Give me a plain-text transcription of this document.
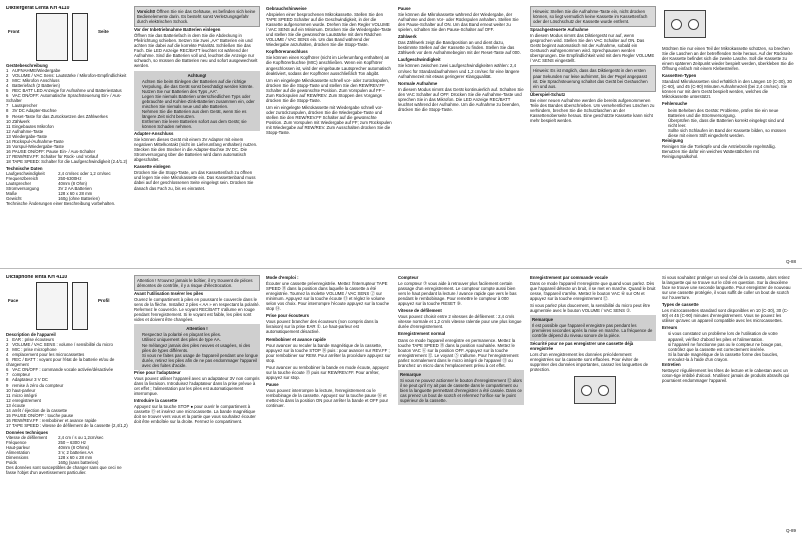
Diktiergerät Lenta KH 4110
Front	Seite
Gerätebeschreibung
1 AUFNAHME/Wiedergabe
2 VOLUME / VAC Sens: Lautstärke / Mikrofon-Empfindlichkeit
3 MIC: Mikrofon Anschluss
4 Batteriefach (2 Batterien)
5 REC BATT LED Anzeige für Aufnahme und Batteriestatus
6 VAC ON/OFF: Automatische Sprachsteuerung Ein- / Aus-Schalter
7 Lautsprecher
8 3V DC Adapter-Buchse
9 Reset-Taste für das Zurücksetzen des Zählwerkes
10 Zählwerk
11 Eingebautes Mikrofon
12 Aufnahme-Taste
13 Wiedergabe-Taste
14 Rückspul-/Aufnahme-Taste
15 Vorspul-/Wiedergabe-Taste
16 PAUSE ON/OFF: Pause Ein- / Aus-Schalter
17 REW/REV.FF: Schalter für Rück- und Vorlauf
18 TAPE SPEED: Schalter für die Laufgeschwindigkeit (2.4/1.2)
Technische Daten
Laufgeschwindigkeit	2,4 cm/sec oder 1,2 cm/sec
Frequenzbereich	250-6300Hz
Lautsprecher	40mm (8 Ohm)
Stromversorgung	3V 2 AA Batterien
Maße	128 x 60 x 28 mm
Gewicht	160g (ohne Batterien)

Technische Änderungen einer Beschreibung vorbehalten.

Vorsicht! Öffnen Sie nie das Gehäuse, es befinden sich keine Bedienelemente darin. Es besteht sonst Verletzungsgefahr durch elektrischen Schock.

Vor der Inbetriebnahme Batterien einlegen

Öffnen Sie das Batteriefach in dem Sie die Abdeckung in Pfeilrichtung schieben. Setzen Sie zwei „AA“ Batterien ein und achten Sie dabei auf die korrekte Polarität. Schließen Sie das Fach. Die LED Anzeige REC/BATT leuchtet rot während der Aufnahme. Sind die Batterien voll und, leuchtet die Anzeige nur schwach, so müssen die Batterien neu und sofort ausgewechselt werden.

Achtung!
• Achten Sie beim Einlegen der Batterien auf die richtige Verpolung, die das Gerät sonst beschädigt werden könnte.
• Nutzen Sie nur Batterien des Typs „AA“.
• Legen Sie niemals Batterien unterschiedlichen Typs oder gebrauchte und Kohlen-Zink-Batterien zusammen ein, oder mischen Sie niemals neue und alte Batterien.
• Nehmen Sie die Batterien aus dem Gerät, wenn Sie es längere Zeit nicht benutzen.
• Entfernen Sie leere Batterien sofort aus dem Gerät; sie können Schaden nehmen.

Adapter-Anschluss

Sie können dieses Gerät mit einem 3V Adapter mit einem negativen Mittelkontakt (nicht im Lieferumfang enthalten) nutzen. Stecken Sie den Stecker in die Adapter-Buchse 3V DC. Die Stromversorgung über die Batterien wird dann automatisch abgeschaltet.

Kassette einlegen

Drücken Sie die Stopp-Taste, um das Kassettenfach zu öffnen und legen Sie eine Mikrokassette ein. Das Kassettenband muss dabei auf der geschlossenen Seite eingelegt sein. Drücken Sie danach das Fach zu, bis es einrastet.

Gebrauchshinweise

Abspielen einer besprochenen Mikrokassette. Stellen Sie den TAPE SPEED Schalter auf die Geschwindigkeit, in der die Kassette aufgenommen wurde. Drehen Sie den Regler VOLUME / VAC SENS auf ein Minimum. Drücken Sie die Wiedergabe-Taste und stellen Sie die gewünschte Lautstärke mit dem Rädchen VOLUME / VAC SENS ein. Um das Band während der Wiedergabe anzuhalten, drücken Sie die Stopp-Taste.

Kopfhöreranschluss

Sie können einen Kopfhörer (nicht im Lieferumfang enthalten) an die Kopfhörerbuchse (MIC) anschließen. Wenn ein Kopfhörer angeschlossen ist, wird der eingebaute Lautsprecher automatisch deaktiviert, sodass der Kopfhörer ausschließlich Ton abgibt.

Um ein eingelegte Mikrokassette schnell vor- oder zurückspulen, drücken Sie die Stopp-Taste und stellen Sie den REW/REV.FF Schalter auf die gewünschte Position. Zum Vorspulen auf FF – Zum Rückspulen auf REW/REV. Zum Stoppen des Vorgangs drücken Sie die Stopp-Taste.

Um ein eingelegte Mikrokassette mit Wiedergabe schnell vor- oder zurückzuspulen, drücken Sie die Wiedergabe-Taste und stellen Sie den REW/REV.FF Schalter auf die gewünschte Position. Zum Vorspulen mit Wiedergabe auf FF; zum Rückspulen mit Wiedergabe auf REW/REV. Zum Ausschalten drücken Sie die Stopp-Taste.

Pause

Sie können die Mikrokassette während der Wiedergabe, der Aufnahme und dem Vor- oder Rückspulen anhalten. Stellen Sie den Pause-Schalter auf ON. Um das Band erneut weiter zu spielen, schalten Sie den Pause-Schalter auf OFF.

Zählwerk

Das Zählwerk zeigt die Bandposition an und dient dazu, bestimmte Stellen auf der Kassette zu finden. Stellen Sie das Zählwerk vor dem Aufnahmebeginn mit der Reset-Taste auf 000.

Laufgeschwindigkeit

Sie können zwischen zwei Laufgeschwindigkeiten wählen: 2,4 cm/sec für Standardaufnahmen und 1,2 cm/sec für eine längere Aufnahmezeit mit etwas geringerer Klangqualität.

Normale Aufnahme

In diesem Modus nimmt das Gerät kontinuierlich auf. Schalten Sie den VAC Schalter auf OFF. Drücken Sie die Aufnahme-Taste und sprechen Sie in das Mikrofon. Die LED Anzeige REC/BATT leuchtet während der Aufnahme. Um die Aufnahme zu beenden, drücken Sie die Stopp-Taste.

Hinweis: Stellen Sie die Aufnahme-Taste ein, nicht drücken können, so liegt vermutlich keine Kassette im Kassettenfach oder der Löschschutz der Kassette wurde entfernt.

Sprachgesteuerte Aufnahme

In diesem Modus nimmt das Diktiergerät nur auf, wenn gesprochen wird. Stellen Sie den VAC Schalter auf ON. Das Gerät beginnt automatisch mit der Aufnahme, sobald ein Geräusch wahrgenommen wird. Sprechpausen werden übersprungen. Die Empfindlichkeit wird mit dem Regler VOLUME / VAC SENS eingestellt.

Hinweis: Es ist möglich, dass das Diktiergerät in den ersten paar Sekunden nur leise aufnimmt, bis der Pegel angepasst ist. Die Sprachsteuerung schaltet das Gerät bei Geräuschen ein und aus.

Überspiel-Schutz

Bei einer neuen Aufnahme werden die bereits aufgenommenen Teile des Bandes überschrieben. Um versehentliches Löschen zu verhindern, brechen Sie die Schutzlaschen an der Kassettenoberseite heraus. Eine geschützte Kassette kann nicht mehr bespielt werden.

Möchten Sie nur einen Teil der Mikrokassette schützen, so brechen Sie die Laschen an der betreffenden Seite heraus. Auf der Rückseite der Kassette befindet sich die zweite Lasche. Soll die Kassette zu einem späteren Zeitpunkt wieder bespielt werden, überkleben Sie die Öffnung einfach mit einem Klebestreifen.

Kassetten-Typen

Standard Mikrokassetten sind erhältlich in den Längen 10 (C-30), 30 (C-60), und 45 (C-90) Minuten Aufnahmezeit (bei 2,4 cm/sec). Sie können nur mit dem Gerät bespielt werden, welches die Mikrokassette unterstützt.

Fehlersuche

• beim Beheben des Geräts: Probleme, prüfen Sie ein neue Batterien und die Stromversorgung.
• Überprüfen Sie, dass die Batterien korrekt eingelegt sind und nicht leer.
• Sollte sich Schlaufen im Band der Kassette bilden, so müssen diese mit einem Stift eingedreht werden.

Reinigung

Reinigen Sie die Tonköpfe und die Antriebsrolle regelmäßig. Benutzen Sie dafür ein weiches Wattestäbchen mit Reinigungsalkohol.

Q-88
Dictaphone lenta KH 4110
Face	Profil
Description de l'appareil
1 EAR : prise écouteurs
2 VOLUME / VAC SENS : volume / sensibilité du micro
3 MIC : prise microphone
4 emplacement pour les microcassettes
5 REC / BATT : voyant pour l'état de la batterie et/ou de chargement
6 VAC ON/OFF : commande vocale activée/désactivée
7 compteur
8 Adaptateur 3 V DC
9 remise à zéro du compteur
10 haut-parleur
11 micro intégré
12 enregistrement
13 écoute
14 arrêt / éjection de la cassette
15 PAUSE ON/OFF : touche pause
16 REW/REV.FF : rembobiner et avance rapide
17 TAPE SPEED : vitesse de défilement de la cassette (2,4/1,2)
Données techniques
Vitesse de défilement	2,4 cm / s ou 1,2cm/sec
Fréquence	250 – 6300 Hz
Haut-parleur	40mm (8 Ohms)
Alimentation	3 V, 2 batteries AA
Dimensions	128 x 60 x 28 mm
Poids	160g (sans batteries)

Des données sont susceptibles de changer sans que ceci ne fasse l'objet d'un avertissement particulier.

Attention ! N'ouvrez jamais le boîtier, il n'y trouvent de piéces démontes de contrôle, il y a risque d'électrocution.

Avant l'utilisation Insérer les piles

Ouvrez le compartiment à piles en poussant le couvercle dans le sens de la flèche. Installez 2 piles « AA » en respectant la polarité. Refermez le couvercle. Le voyant REC/BATT s'allume en rouge pendant l'enregistrement. Si le voyant est faible, les piles sont vides et doivent être changées.

Attention !
• Respectez la polarité en plaçant les piles.
• Utilisez uniquement des piles de type AA.
• Ne mélangez jamais des piles neuves et usagées, ni des piles de types différents.
• Si vous ne faites pas usage de l'appareil pendant une longue durée, retirez les piles afin de ne pas endommager l'appareil avec des fuites d'acide.

Prise pour l'adaptateur

Vous pouvez utiliser l'appareil avec un adaptateur 3V non compris dans la livraison. Introduisez l'adaptateur dans la prise prévue à cet effet ; l'alimentation par les piles est automatiquement interrompue.

Introduire la cassette

Appuyez sur la touche STOP ● pour ouvrir le compartiment à cassette ⑮ et insérez une microcassette. La bande magnétique doit se trouver vers vous et la partie que vous souhaitez écouter doit être emboîtée sur la droite. Fermez le compartiment.

Mode d'emploi :

Écouter une cassette préenregistrée. Mettez l'interrupteur TAPE SPEED ⑱ dans la position dans laquelle la cassette a été enregistrée. Tournez la molette VOLUME / VAC SENS ② sur minimum. Appuyez sur la touche écoute ⑬ et réglez le volume selon vos choix. Pour interrompre l'écoute appuyez sur la touche stop ⑭.

Prise pour écouteurs

Vous pouvez brancher des écouteurs (non compris dans la livraison) sur la prise EAR ①. Le haut-parleur est automatiquement désactivé.

Rembobiner et avance rapide

Pour avancer ou reculer la bande magnétique de la cassette, appuyez sur la touche STOP ⑭ puis : pour avancer sur REV.FF ; pour rembobiner sur REW. Pour arrêter la procédure appuyez sur stop.

Pour avancer ou rembobiner la bande en mode écoute, appuyez sur la touche écoute ⑬ puis sur REW/REV.FF. Pour arrêter, appuyez sur stop.

Pause

Vous pouvez interrompre la lecture, l'enregistrement ou le rembobinage de la cassette. Appuyez sur la touche pause ⑯ et mettez-la dans la position ON pour arrêter la bande et OFF pour continuer.

Compteur

Le compteur ⑦ vous aide à retrouver plus facilement certain passage d'un enregistrement. Le compteur compte aussi bien vers le haut pendant la lecture / avance rapide que vers le bas pendant le rembobinage. Pour remettre le compteur à 000 appuyez sur la touche RESET ⑨.

Vitesse de défilement

Vous pouvez choisir entre 2 vitesses de défilement : 2,4 cm/s vitesse normale et 1,2 cm/s vitesse ralentie pour une plus longue durée d'enregistrement.

Enregistrement normal

Dans ce mode l'appareil enregistre en permanence. Mettez la touche TAPE SPEED ⑱ dans la position souhaitée. Mettez le bouton VAC ⑥ sur la position OFF. Appuyez sur la touche enregistrement ⑫. Le voyant ⑤ s'allume. Pour l'enregistrement parlez normalement dans le micro intégré de l'appareil ⑪ ou branchez un micro dans l'emplacement prévu à cet effet.

Remarque
Si vous ne pouvez actionner le bouton d'enregistrement ⑫ alors il se peut qu'il n'y ait pas de cassette dans le compartiment ou bien la languette permettant d'enregistrer a été cassée. Dans ce cas prenez un bout de scotch et refermez l'orifice sur le point supérieur de la cassette.

Enregistrement par commande vocale

Dans ce mode l'appareil n'enregistre que quand vous parlez. Dès que l'appareil détecte un bruit, il se met en marche. Quand le bruit cesse, l'appareil s'arrête. Mettez le bouton VAC ⑥ sur ON et appuyez sur la touche enregistrement ⑫.

Si vous parlez plus doucement, la sensibilité du micro peut être augmentée avec le bouton VOLUME / VAC SENS ②.

Remarque
Il est possible que l'appareil enregistre pas pendant les premières secondes après la mise en marche. La fréquence de contrôle dépend du niveau sonore de la pièce.

Sécurité pour ne pas enregistrer une cassette déjà enregistrée

Lors d'un enregistrement les données précédemment enregistrées sur la cassette sont effacées. Pour éviter de supprimer des données importantes, cassez les languettes de protection.

Si vous souhaitez protéger un seul côté de la cassette, alors retirez la languette qui se trouve sur le côté en question. Sur la deuxième face se trouve une seconde languette. Pour enregistrer de nouveau sur une cassette protégée, il vous suffit de coller un bout de scotch sur l'ouverture.

Types de cassette

Les microcassettes standard sont disponibles en 10 (C-30), 30 (C-60) et 45 (C-90) minutes d'enregistrement. Vous ne pouvez les utiliser qu'avec un appareil compatible avec les microcassettes.

Erreurs

• si vous constatez un problème lors de l'utilisation de votre appareil, vérifiez d'abord les piles et l'alimentation.
• si l'appareil ne fonctionne pas ou le compteur ne bouge pas, contrôlez que la cassette est correctement insérée.
• Si la bande magnétique de la cassette forme des boucles, enroulez-la à l'aide d'un crayon.

Entretien

Nettoyez régulièrement les têtes de lecture et le cabestan avec un coton-tige imbibé d'alcool. N'utilisez jamais de produits abrasifs qui pourraient endommager l'appareil.

Q-89
